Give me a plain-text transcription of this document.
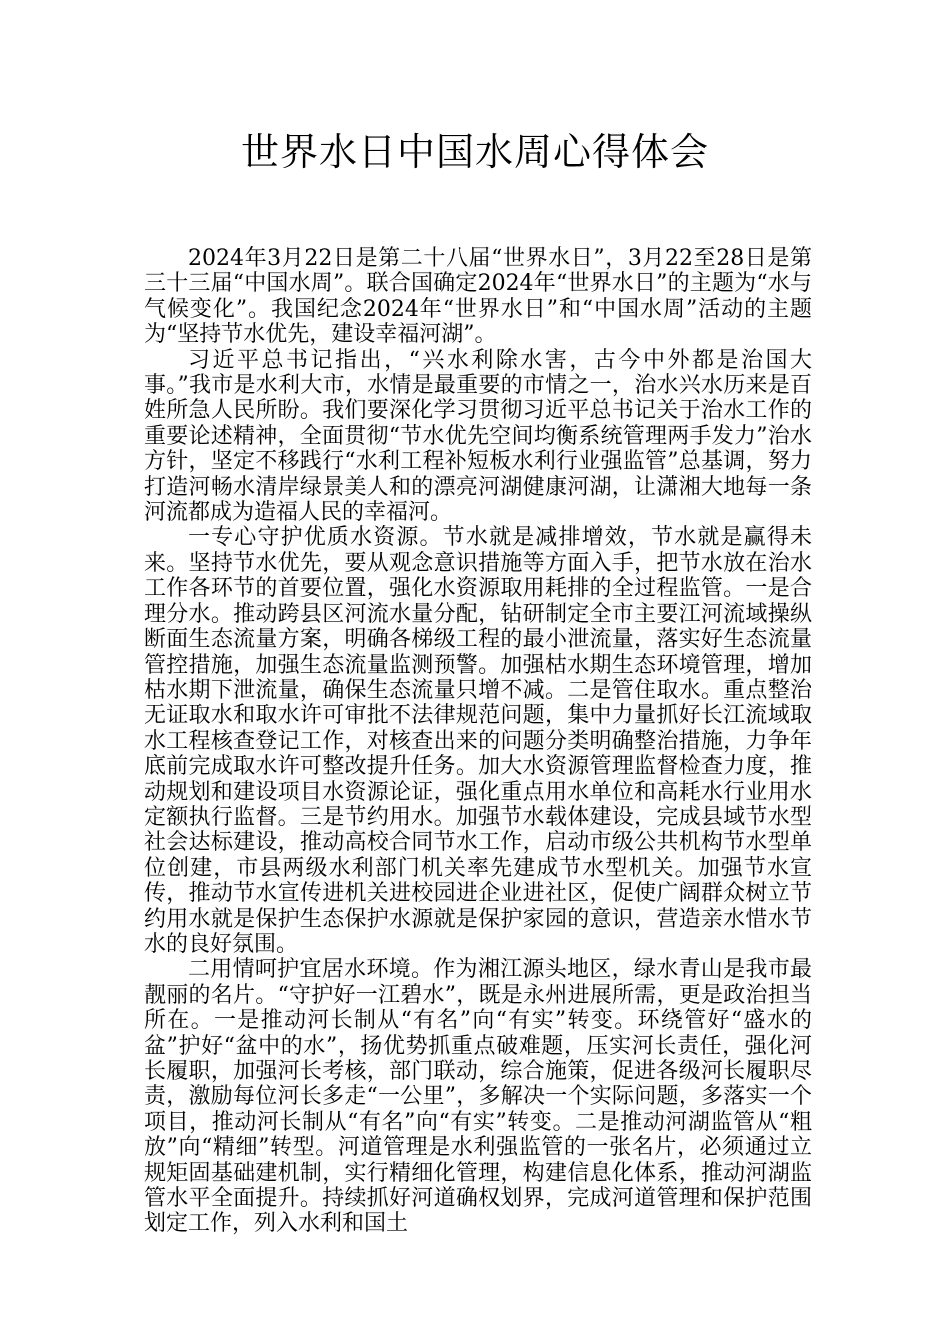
世界水日中国水周心得体会

2024年3月22日是第二十八届“世界水日”，3月22至28日是第三十三届“中国水周”。联合国确定2024年“世界水日”的主题为“水与气候变化”。我国纪念2024年“世界水日”和“中国水周”活动的主题为“坚持节水优先，建设幸福河湖”。

习近平总书记指出，“兴水利除水害，古今中外都是治国大事。”我市是水利大市，水情是最重要的市情之一，治水兴水历来是百姓所急人民所盼。我们要深化学习贯彻习近平总书记关于治水工作的重要论述精神，全面贯彻“节水优先空间均衡系统管理两手发力”治水方针，坚定不移践行“水利工程补短板水利行业强监管”总基调，努力打造河畅水清岸绿景美人和的漂亮河湖健康河湖，让潇湘大地每一条河流都成为造福人民的幸福河。

一专心守护优质水资源。节水就是减排增效，节水就是赢得未来。坚持节水优先，要从观念意识措施等方面入手，把节水放在治水工作各环节的首要位置，强化水资源取用耗排的全过程监管。一是合理分水。推动跨县区河流水量分配，钻研制定全市主要江河流域操纵断面生态流量方案，明确各梯级工程的最小泄流量，落实好生态流量管控措施，加强生态流量监测预警。加强枯水期生态环境管理，增加枯水期下泄流量，确保生态流量只增不减。二是管住取水。重点整治无证取水和取水许可审批不法律规范问题，集中力量抓好长江流域取水工程核查登记工作，对核查出来的问题分类明确整治措施，力争年底前完成取水许可整改提升任务。加大水资源管理监督检查力度，推动规划和建设项目水资源论证，强化重点用水单位和高耗水行业用水定额执行监督。三是节约用水。加强节水载体建设，完成县域节水型社会达标建设，推动高校合同节水工作，启动市级公共机构节水型单位创建，市县两级水利部门机关率先建成节水型机关。加强节水宣传，推动节水宣传进机关进校园进企业进社区，促使广阔群众树立节约用水就是保护生态保护水源就是保护家园的意识，营造亲水惜水节水的良好氛围。

二用情呵护宜居水环境。作为湘江源头地区，绿水青山是我市最靓丽的名片。“守护好一江碧水”，既是永州进展所需，更是政治担当所在。一是推动河长制从“有名”向“有实”转变。环绕管好“盛水的盆”护好“盆中的水”，扬优势抓重点破难题，压实河长责任，强化河长履职，加强河长考核，部门联动，综合施策，促进各级河长履职尽责，激励每位河长多走“一公里”，多解决一个实际问题，多落实一个项目，推动河长制从“有名”向“有实”转变。二是推动河湖监管从“粗放”向“精细”转型。河道管理是水利强监管的一张名片，必须通过立规矩固基础建机制，实行精细化管理，构建信息化体系，推动河湖监管水平全面提升。持续抓好河道确权划界，完成河道管理和保护范围划定工作，列入水利和国土
